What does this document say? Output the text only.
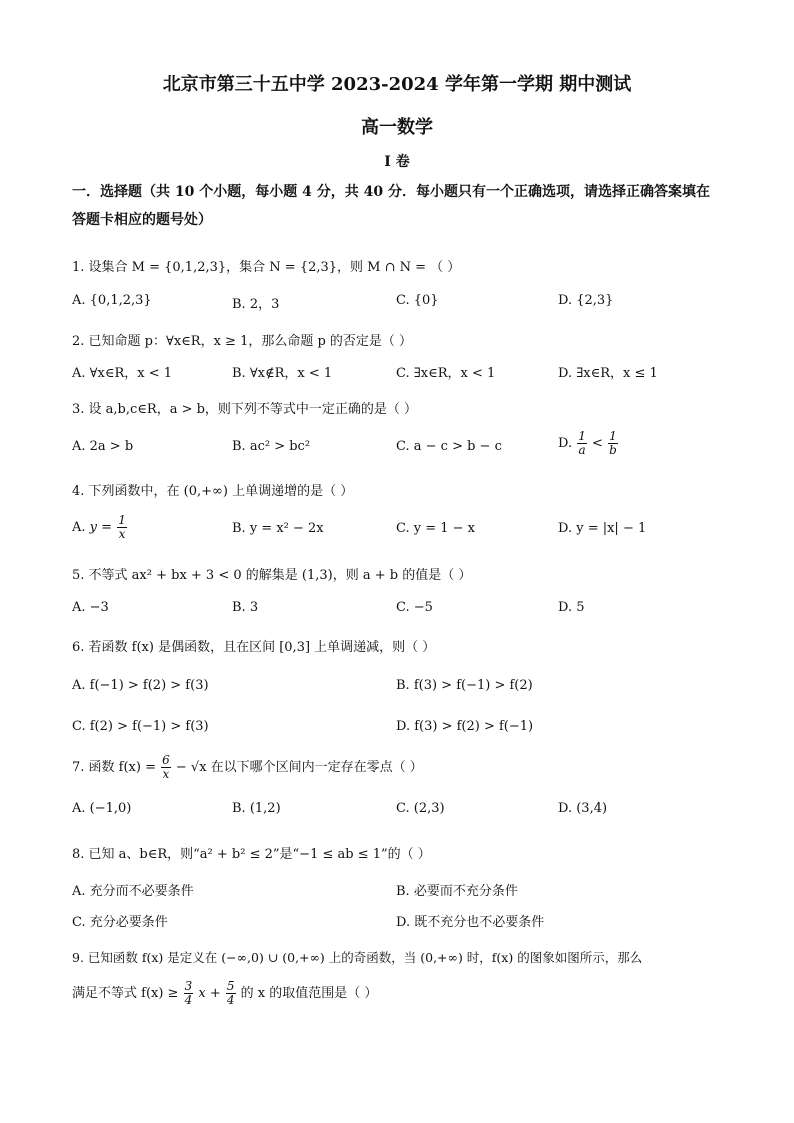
北京市第三十五中学 2023-2024 学年第一学期 期中测试
高一数学
I 卷
一．选择题（共 10 个小题，每小题 4 分，共 40 分．每小题只有一个正确选项，请选择正确答案填在答题卡相应的题号处）
1. 设集合 M = {0,1,2,3}，集合 N = {2,3}，则 M ∩ N = （ ）
A. {0,1,2,3}	B. 2，3	C. {0}	D. {2,3}
2. 已知命题 p：∀x∈R，x ≥ 1，那么命题 p 的否定是（ ）
A. ∀x∈R，x < 1	B. ∀x∉R，x < 1	C. ∃x∈R，x < 1	D. ∃x∈R，x ≤ 1
3. 设 a,b,c∈R，a > b，则下列不等式中一定正确的是（ ）
A. 2a > b	B. ac² > bc²	C. a − c > b − c	D. $\frac{1}{a} < \frac{1}{b}$
4. 下列函数中，在 (0,+∞) 上单调递增的是（ ）
A. $y = \frac{1}{x}$	B. y = x² − 2x	C. y = 1 − x	D. y = |x| − 1
5. 不等式 ax² + bx + 3 < 0 的解集是 (1,3)，则 a + b 的值是（ ）
A. −3	B. 3	C. −5	D. 5
6. 若函数 f(x) 是偶函数，且在区间 [0,3] 上单调递减，则（ ）
A. f(−1) > f(2) > f(3)	B. f(3) > f(−1) > f(2)
C. f(2) > f(−1) > f(3)	D. f(3) > f(2) > f(−1)
7. 函数 $f(x) = \frac{6}{x} - √x$ 在以下哪个区间内一定存在零点（ ）
A. (−1,0)	B. (1,2)	C. (2,3)	D. (3,4)
8. 已知 a、b∈R，则“a² + b² ≤ 2”是“−1 ≤ ab ≤ 1”的（ ）
A. 充分而不必要条件	B. 必要而不充分条件
C. 充分必要条件	D. 既不充分也不必要条件
9. 已知函数 f(x) 是定义在 (−∞,0) ∪ (0,+∞) 上的奇函数，当 (0,+∞) 时，f(x) 的图象如图所示，那么
满足不等式 $f(x) \ge \frac{3}{4}$ $x + \frac{5}{4}$ 的 x 的取值范围是（ ）
